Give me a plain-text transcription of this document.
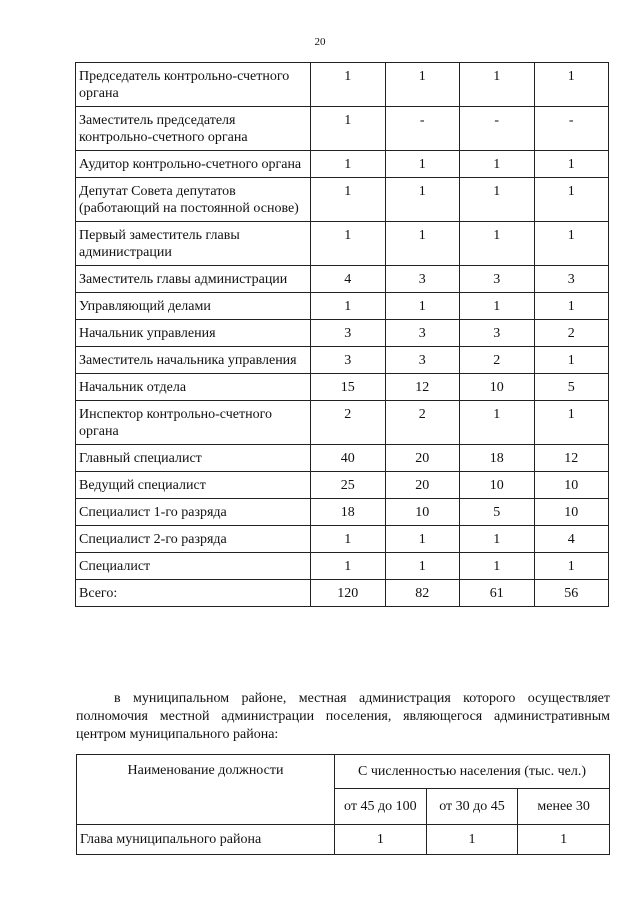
20
Председатель контрольно-счетного органа	1	1	1	1
Заместитель председателя контрольно-счетного органа	1	-	-	-
Аудитор контрольно-счетного органа	1	1	1	1
Депутат Совета депутатов (работающий на постоянной основе)	1	1	1	1
Первый заместитель главы администрации	1	1	1	1
Заместитель главы администрации	4	3	3	3
Управляющий делами	1	1	1	1
Начальник управления	3	3	3	2
Заместитель начальника управления	3	3	2	1
Начальник отдела	15	12	10	5
Инспектор контрольно-счетного органа	2	2	1	1
Главный специалист	40	20	18	12
Ведущий специалист	25	20	10	10
Специалист 1-го разряда	18	10	5	10
Специалист 2-го разряда	1	1	1	4
Специалист	1	1	1	1
Всего:	120	82	61	56
в муниципальном районе, местная администрация которого осуществляет полномочия местной администрации поселения, являющегося административным центром муниципального района:
Наименование должности	С численностью населения (тыс. чел.)		
	от 45 до 100	от 30 до 45	менее 30
Глава муниципального района	1	1	1
